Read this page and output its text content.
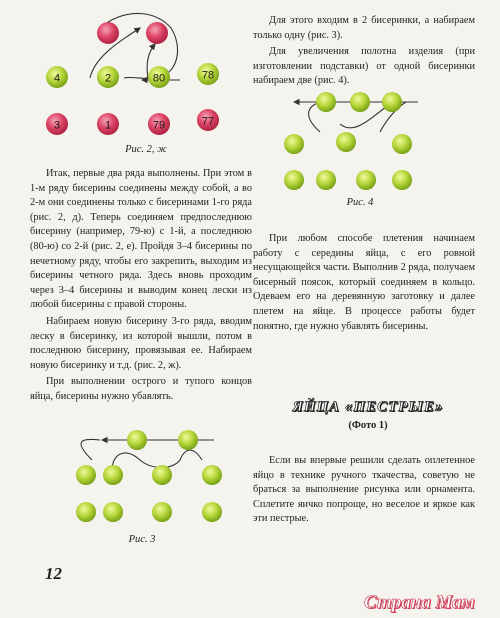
4	2	80	78
3	1	79	77
Рис. 2, ж

Итак, первые два ряда выполнены. При этом в 1-м ряду бисерины соединены между собой, а во 2-м они соединены только с бисеринами 1-го ряда (рис. 2, д). Теперь соединяем предпоследнюю бисерину (например, 79-ю) с 1-й, а последнюю (80-ю) со 2-й (рис. 2, е). Пройдя 3–4 бисерины по нечетному ряду, чтобы его закрепить, выходим из бисерины четного ряда. Здесь вновь проходим через 3–4 бисерины и выводим конец лески из любой бисерины с правой стороны.

Набираем новую бисерину 3-го ряда, вводим леску в бисеринку, из которой вышли, потом в последнюю бисерину, провязывая ее. Набираем новую бисеринку и т.д. (рис. 2, ж).

При выполнении острого и тупого концов яйца, бисерины нужно убавлять.

Рис. 3
12

Для этого входим в 2 бисеринки, а набираем только одну (рис. 3).

Для увеличения полотна изделия (при изготовлении подставки) от одной бисеринки набираем две (рис. 4).

Рис. 4

При любом способе плетения начинаем работу с середины яйца, с его ровной несущающейся части. Выполнив 2 ряда, получаем бисерный поясок, который соединяем в кольцо. Одеваем его на деревянную заготовку и далее плетем на яйце. В процессе работы будет понятно, где нужно убавлять бисерины.

ЯЙЦА «ПЕСТРЫЕ»
(Фото 1)

Если вы впервые решили сделать оплетенное яйцо в технике ручного ткачества, советую не браться за выполнение рисунка или орнамента. Сплетите яичко попроще, но веселое и яркое как эти пестрые.

Страна Мам
